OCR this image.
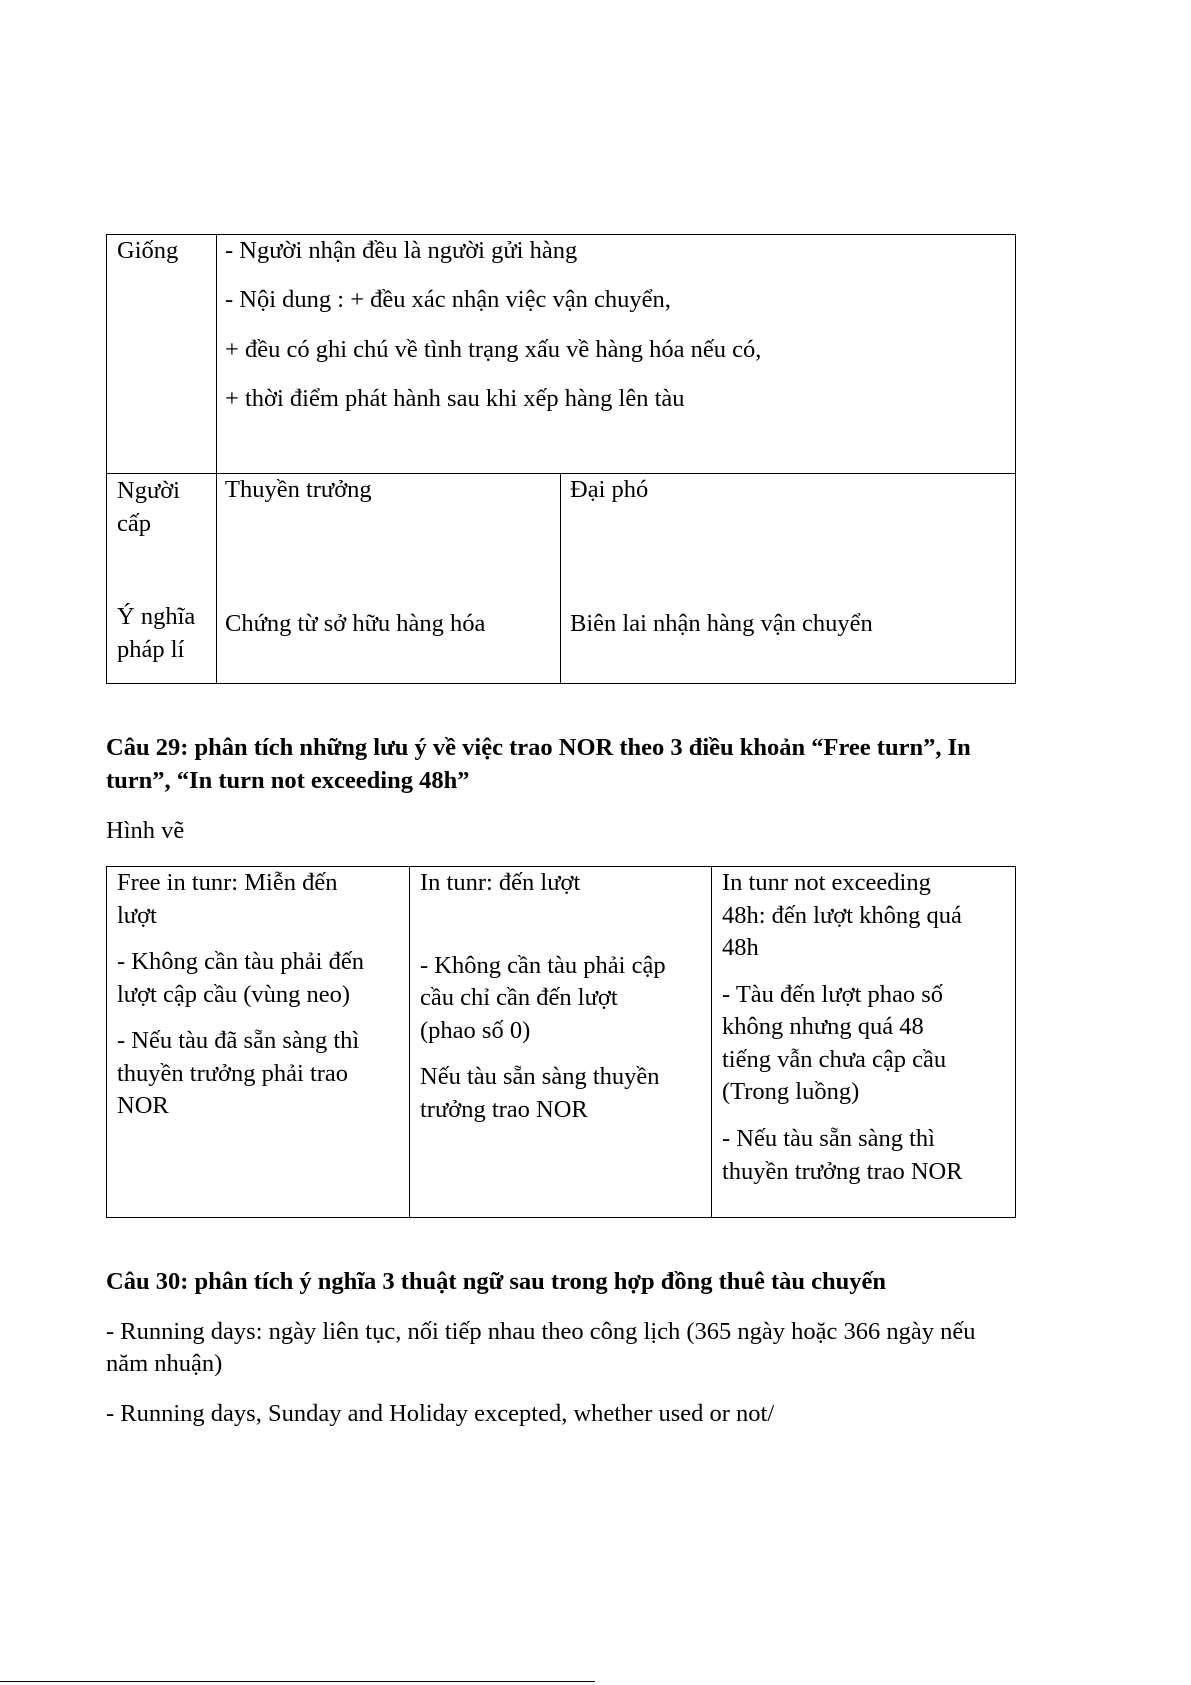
Giống - Người nhận đều là người gửi hàng

- Nội dung : + đều xác nhận việc vận chuyển,

+ đều có ghi chú về tình trạng xấu về hàng hóa nếu có,

+ thời điểm phát hành sau khi xếp hàng lên tàu

Người

cấp

Thuyền trưởng	Đại phó

Ý nghĩa

pháp lí

Chứng từ sở hữu hàng hóa	Biên lai nhận hàng vận chuyển

Câu 29: phân tích những lưu ý về việc trao NOR theo 3 điều khoản “Free turn”, In

turn”, “In turn not exceeding 48h”

Hình vẽ

Free in tunr: Miễn đến

lượt

- Không cần tàu phải đến

lượt cập cầu (vùng neo)

- Nếu tàu đã sẵn sàng thì

thuyền trưởng phải trao

NOR

In tunr: đến lượt

- Không cần tàu phải cập

cầu chỉ cần đến lượt

(phao số 0)

Nếu tàu sẵn sàng thuyền

trưởng trao NOR

In tunr not exceeding

48h: đến lượt không quá

48h

- Tàu đến lượt phao số

không nhưng quá 48

tiếng vẫn chưa cập cầu

(Trong luồng)

- Nếu tàu sẵn sàng thì

thuyền trưởng trao NOR

Câu 30: phân tích ý nghĩa 3 thuật ngữ sau trong hợp đồng thuê tàu chuyến

- Running days: ngày liên tục, nối tiếp nhau theo công lịch (365 ngày hoặc 366 ngày nếu

năm nhuận)

- Running days, Sunday and Holiday excepted, whether used or not/
